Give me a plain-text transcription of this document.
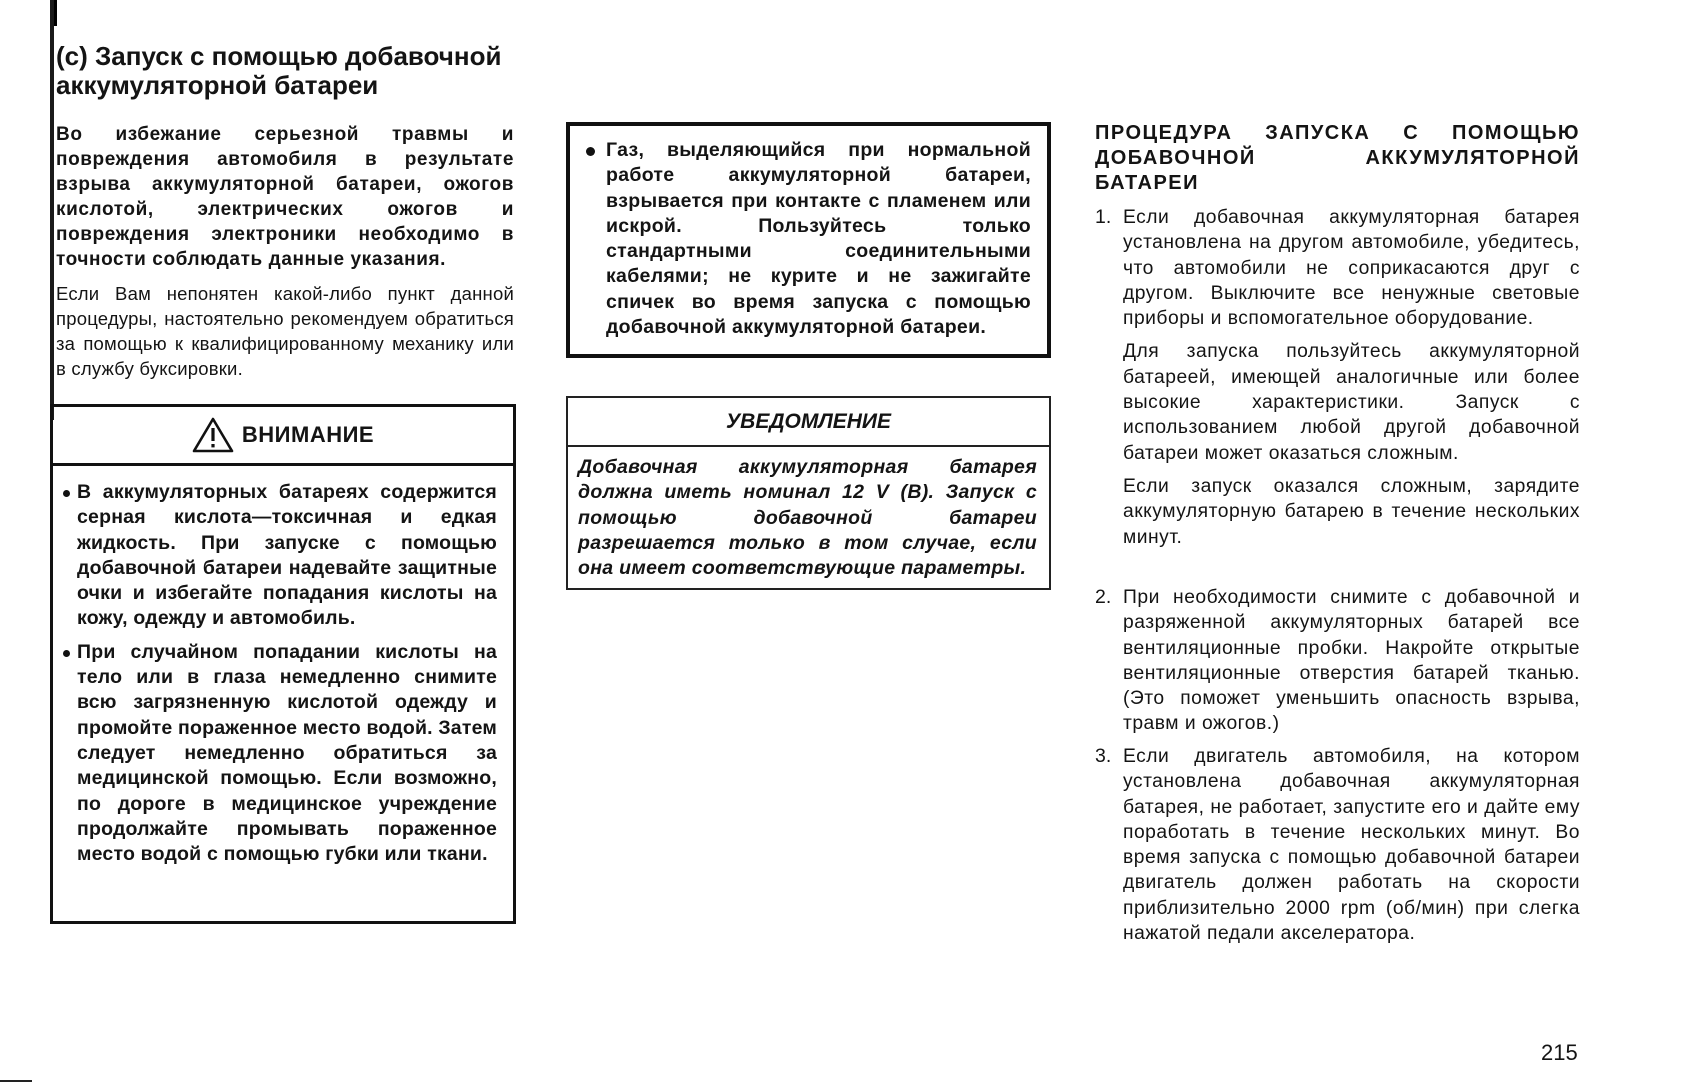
(c) Запуск с помощью добавочной аккумуляторной батареи

Во избежание серьезной травмы и повреждения автомобиля в результате взрыва аккумуляторной батареи, ожогов кислотой, электрических ожогов и повреждения электроники необходимо в точности соблюдать данные указания.

Если Вам непонятен какой-либо пункт данной процедуры, настоятельно рекомендуем обратиться за помощью к квалифицированному механику или в службу буксировки.

ВНИМАНИЕ
В аккумуляторных батареях содержится серная кислота—токсичная и едкая жидкость. При запуске с помощью добавочной батареи надевайте защитные очки и избегайте попадания кислоты на кожу, одежду и автомобиль.
При случайном попадании кислоты на тело или в глаза немедленно снимите всю загрязненную кислотой одежду и промойте пораженное место водой. Затем следует немедленно обратиться за медицинской помощью. Если возможно, по дороге в медицинское учреждение продолжайте промывать пораженное место водой с помощью губки или ткани.

Газ, выделяющийся при нормальной работе аккумуляторной батареи, взрывается при контакте с пламенем или искрой. Пользуйтесь только стандартными соединительными кабелями; не курите и не зажигайте спичек во время запуска с помощью добавочной аккумуляторной батареи.

УВЕДОМЛЕНИЕ

Добавочная аккумуляторная батарея должна иметь номинал 12 V (В). Запуск с помощью добавочной батареи разрешается только в том случае, если она имеет соответствующие параметры.

ПРОЦЕДУРА ЗАПУСКА С ПОМОЩЬЮ ДОБАВОЧНОЙ АККУМУЛЯТОРНОЙ БАТАРЕИ
1. Если добавочная аккумуляторная батарея установлена на другом автомобиле, убедитесь, что автомобили не соприкасаются друг с другом. Выключите все ненужные световые приборы и вспомогательное оборудование.

Для запуска пользуйтесь аккумуляторной батареей, имеющей аналогичные или более высокие характеристики. Запуск с использованием любой другой добавочной батареи может оказаться сложным.

Если запуск оказался сложным, зарядите аккумуляторную батарею в течение нескольких минут.

2. При необходимости снимите с добавочной и разряженной аккумуляторных батарей все вентиляционные пробки. Накройте открытые вентиляционные отверстия батарей тканью. (Это поможет уменьшить опасность взрыва, травм и ожогов.)

3. Если двигатель автомобиля, на котором установлена добавочная аккумуляторная батарея, не работает, запустите его и дайте ему поработать в течение нескольких минут. Во время запуска с помощью добавочной батареи двигатель должен работать на скорости приблизительно 2000 rpm (об/мин) при слегка нажатой педали акселератора.

215
